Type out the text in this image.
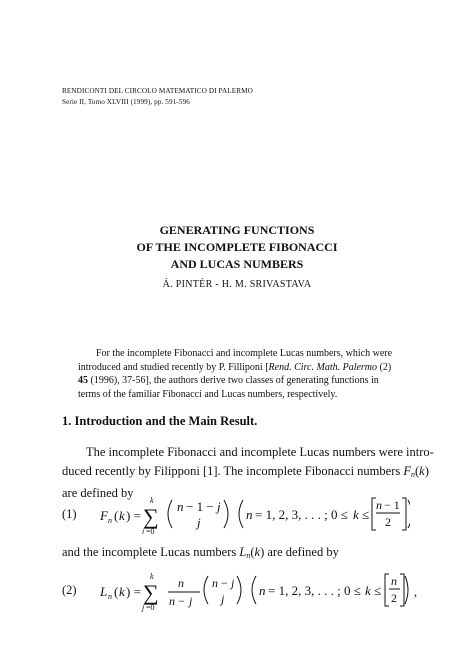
RENDICONTI DEL CIRCOLO MATEMATICO DI PALERMO
Serie II, Tomo XLVIII (1999), pp. 591-596
GENERATING FUNCTIONS
OF THE INCOMPLETE FIBONACCI
AND LUCAS NUMBERS
Á. PINTÉR - H. M. SRIVASTAVA
For the incomplete Fibonacci and incomplete Lucas numbers, which were
introduced and studied recently by P. Filliponi [Rend. Circ. Math. Palermo (2)
45 (1996), 37-56], the authors derive two classes of generating functions in
terms of the familiar Fibonacci and Lucas numbers, respectively.
1. Introduction and the Main Result.
The incomplete Fibonacci and incomplete Lucas numbers were intro-
duced recently by Filipponi [1]. The incomplete Fibonacci numbers $F_n(k)$
are defined by
(1) F n ( k ) =
k
∑
j =0
n − 1 − j
j
n = 1, 2, 3, . . . ; 0 ≤ k ≤
n − 1
2
and the incomplete Lucas numbers $L_n(k)$ are defined by
(2) L n ( k ) =
k
∑
j =0
n
n − j
n − j
j
n = 1, 2, 3, . . . ; 0 ≤ k ≤
n
2 ,
